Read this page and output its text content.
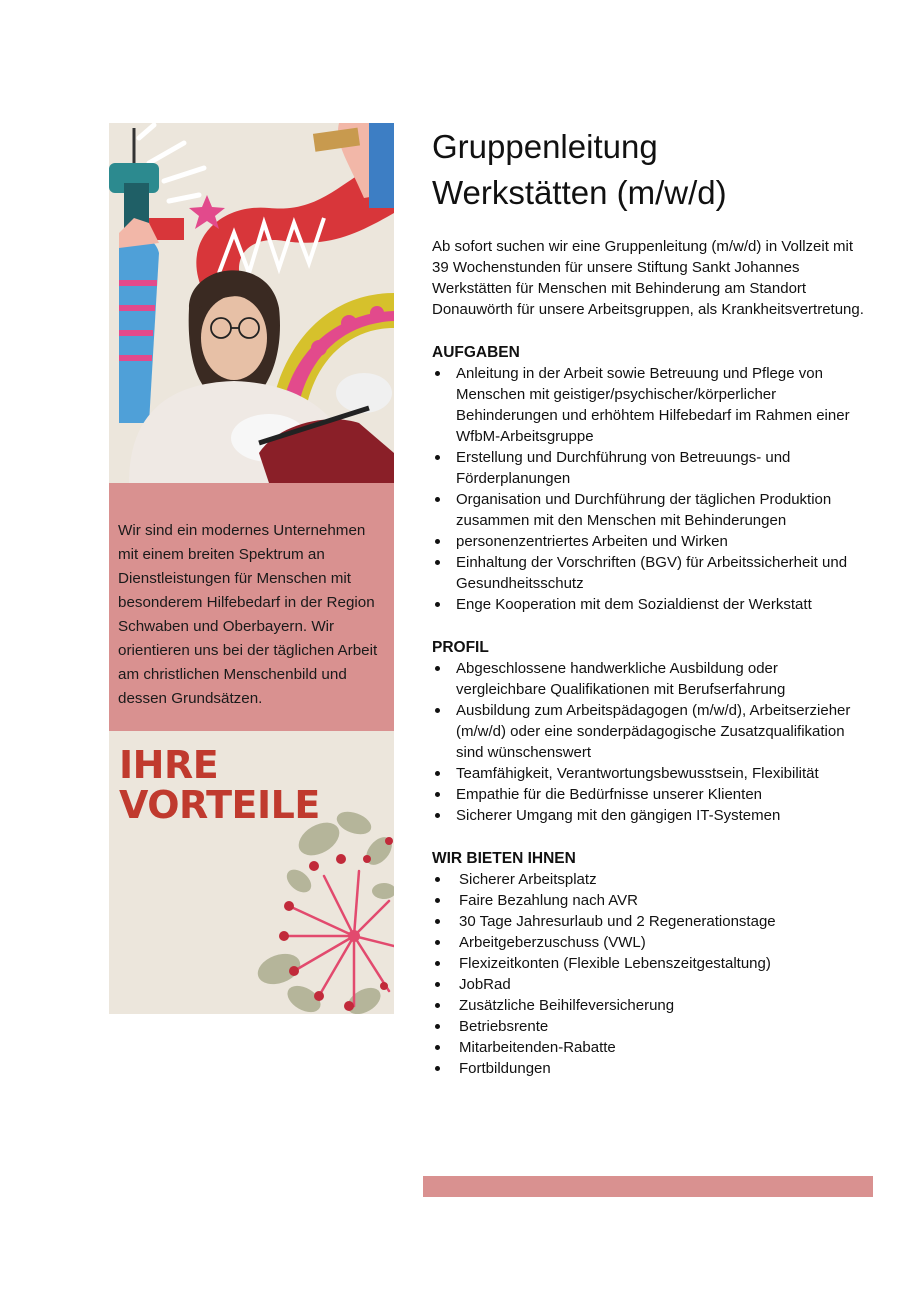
Wir sind ein modernes Unternehmen mit einem breiten Spektrum an Dienstleistungen für Menschen mit besonderem Hilfebedarf in der Region Schwaben und Oberbayern. Wir orientieren uns bei der täglichen Arbeit am christlichen Menschenbild und dessen Grundsätzen.

IHRE
VORTEILE

Gruppenleitung
Werkstätten (m/w/d)

Ab sofort suchen wir eine Gruppenleitung (m/w/d) in Vollzeit mit 39 Wochenstunden für unsere Stiftung Sankt Johannes Werkstätten für Menschen mit Behinderung am Standort Donauwörth für unsere Arbeitsgruppen, als Krankheitsvertretung.

AUFGABEN
Anleitung in der Arbeit sowie Betreuung und Pflege von Menschen mit geistiger/psychischer/körperlicher Behinderungen und erhöhtem Hilfebedarf im Rahmen einer WfbM-Arbeitsgruppe
Erstellung und Durchführung von Betreuungs- und Förderplanungen
Organisation und Durchführung der täglichen Produktion zusammen mit den Menschen mit Behinderungen
personenzentriertes Arbeiten und Wirken
Einhaltung der Vorschriften (BGV) für Arbeitssicherheit und Gesundheitsschutz
Enge Kooperation mit dem Sozialdienst der Werkstatt
PROFIL
Abgeschlossene handwerkliche Ausbildung oder vergleichbare Qualifikationen mit Berufserfahrung
Ausbildung zum Arbeitspädagogen (m/w/d), Arbeitserzieher (m/w/d) oder eine sonderpädagogische Zusatzqualifikation sind wünschenswert
Teamfähigkeit, Verantwortungsbewusstsein, Flexibilität
Empathie für die Bedürfnisse unserer Klienten
Sicherer Umgang mit den gängigen IT-Systemen
WIR BIETEN IHNEN
Sicherer Arbeitsplatz
Faire Bezahlung nach AVR
30 Tage Jahresurlaub und 2 Regenerationstage
Arbeitgeberzuschuss (VWL)
Flexizeitkonten (Flexible Lebenszeitgestaltung)
JobRad
Zusätzliche Beihilfeversicherung
Betriebsrente
Mitarbeitenden-Rabatte
Fortbildungen
